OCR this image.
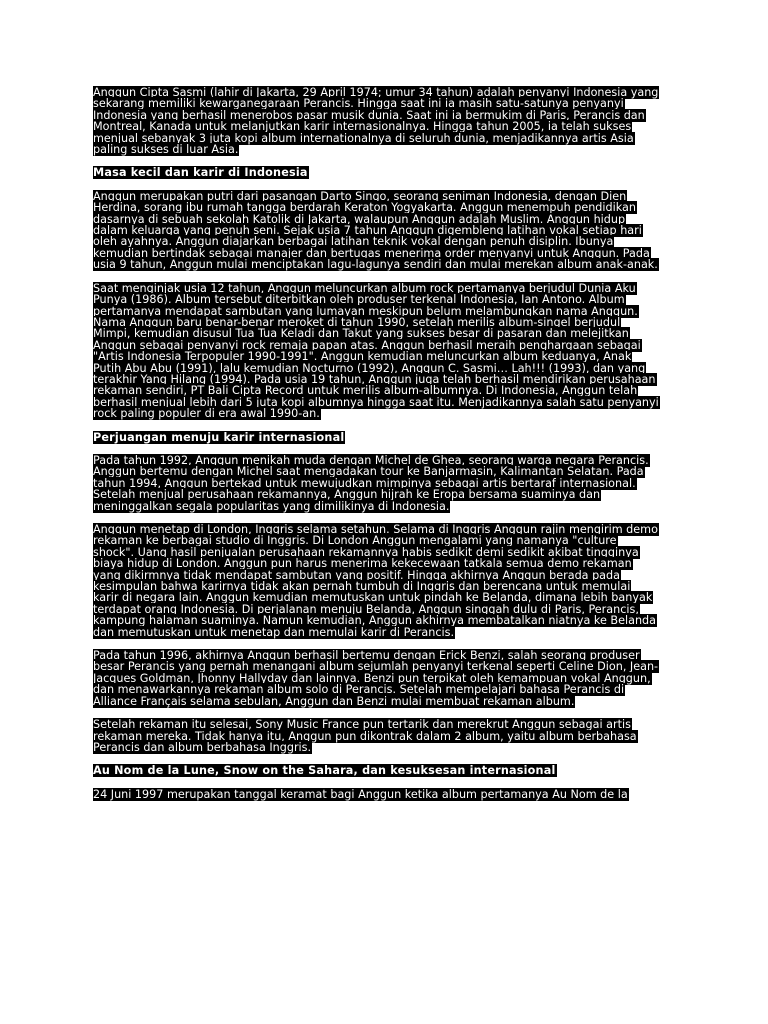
Anggun Cipta Sasmi (lahir di Jakarta, 29 April 1974; umur 34 tahun) adalah penyanyi Indonesia yang sekarang memiliki kewarganegaraan Perancis. Hingga saat ini ia masih satu-satunya penyanyi Indonesia yang berhasil menerobos pasar musik dunia. Saat ini ia bermukim di Paris, Perancis dan Montreal, Kanada untuk melanjutkan karir internasionalnya. Hingga tahun 2005, ia telah sukses menjual sebanyak 3 juta kopi album internationalnya di seluruh dunia, menjadikannya artis Asia paling sukses di luar Asia.

Masa kecil dan karir di Indonesia

Anggun merupakan putri dari pasangan Darto Singo, seorang seniman Indonesia, dengan Dien Herdina, sorang ibu rumah tangga berdarah Keraton Yogyakarta. Anggun menempuh pendidikan dasarnya di sebuah sekolah Katolik di Jakarta, walaupun Anggun adalah Muslim. Anggun hidup dalam keluarga yang penuh seni. Sejak usia 7 tahun Anggun digembleng latihan vokal setiap hari oleh ayahnya. Anggun diajarkan berbagai latihan teknik vokal dengan penuh disiplin. Ibunya kemudian bertindak sebagai manajer dan bertugas menerima order menyanyi untuk Anggun. Pada usia 9 tahun, Anggun mulai menciptakan lagu-lagunya sendiri dan mulai merekan album anak-anak.

Saat menginjak usia 12 tahun, Anggun meluncurkan album rock pertamanya berjudul Dunia Aku Punya (1986). Album tersebut diterbitkan oleh produser terkenal Indonesia, Ian Antono. Album pertamanya mendapat sambutan yang lumayan meskipun belum melambungkan nama Anggun. Nama Anggun baru benar-benar meroket di tahun 1990, setelah merilis album-singel berjudul Mimpi, kemudian disusul Tua Tua Keladi dan Takut yang sukses besar di pasaran dan melejitkan Anggun sebagai penyanyi rock remaja papan atas. Anggun berhasil meraih penghargaan sebagai "Artis Indonesia Terpopuler 1990-1991". Anggun kemudian meluncurkan album keduanya, Anak Putih Abu Abu (1991), lalu kemudian Nocturno (1992), Anggun C. Sasmi… Lah!!! (1993), dan yang terakhir Yang Hilang (1994). Pada usia 19 tahun, Anggun juga telah berhasil mendirikan perusahaan rekaman sendiri, PT Bali Cipta Record untuk merilis album-albumnya. Di Indonesia, Anggun telah berhasil menjual lebih dari 5 juta kopi albumnya hingga saat itu. Menjadikannya salah satu penyanyi rock paling populer di era awal 1990-an.

Perjuangan menuju karir internasional

Pada tahun 1992, Anggun menikah muda dengan Michel de Ghea, seorang warga negara Perancis. Anggun bertemu dengan Michel saat mengadakan tour ke Banjarmasin, Kalimantan Selatan. Pada tahun 1994, Anggun bertekad untuk mewujudkan mimpinya sebagai artis bertaraf internasional. Setelah menjual perusahaan rekamannya, Anggun hijrah ke Eropa bersama suaminya dan meninggalkan segala popularitas yang dimilikinya di Indonesia.

Anggun menetap di London, Inggris selama setahun. Selama di Inggris Anggun rajin mengirim demo rekaman ke berbagai studio di Inggris. Di London Anggun mengalami yang namanya "culture shock". Uang hasil penjualan perusahaan rekamannya habis sedikit demi sedikit akibat tingginya biaya hidup di London. Anggun pun harus menerima kekecewaan tatkala semua demo rekaman yang dikirmnya tidak mendapat sambutan yang positif. Hingga akhirnya Anggun berada pada kesimpulan bahwa karirnya tidak akan pernah tumbuh di Inggris dan berencana untuk memulai karir di negara lain. Anggun kemudian memutuskan untuk pindah ke Belanda, dimana lebih banyak terdapat orang Indonesia. Di perjalanan menuju Belanda, Anggun singgah dulu di Paris, Perancis, kampung halaman suaminya. Namun kemudian, Anggun akhirnya membatalkan niatnya ke Belanda dan memutuskan untuk menetap dan memulai karir di Perancis.

Pada tahun 1996, akhirnya Anggun berhasil bertemu dengan Erick Benzi, salah seorang produser besar Perancis yang pernah menangani album sejumlah penyanyi terkenal seperti Celine Dion, Jean-Jacques Goldman, Jhonny Hallyday dan lainnya. Benzi pun terpikat oleh kemampuan vokal Anggun, dan menawarkannya rekaman album solo di Perancis. Setelah mempelajari bahasa Perancis di Alliance Français selama sebulan, Anggun dan Benzi mulai membuat rekaman album.

Setelah rekaman itu selesai, Sony Music France pun tertarik dan merekrut Anggun sebagai artis rekaman mereka. Tidak hanya itu, Anggun pun dikontrak dalam 2 album, yaitu album berbahasa Perancis dan album berbahasa Inggris.

Au Nom de la Lune, Snow on the Sahara, dan kesuksesan internasional

24 Juni 1997 merupakan tanggal keramat bagi Anggun ketika album pertamanya Au Nom de la
